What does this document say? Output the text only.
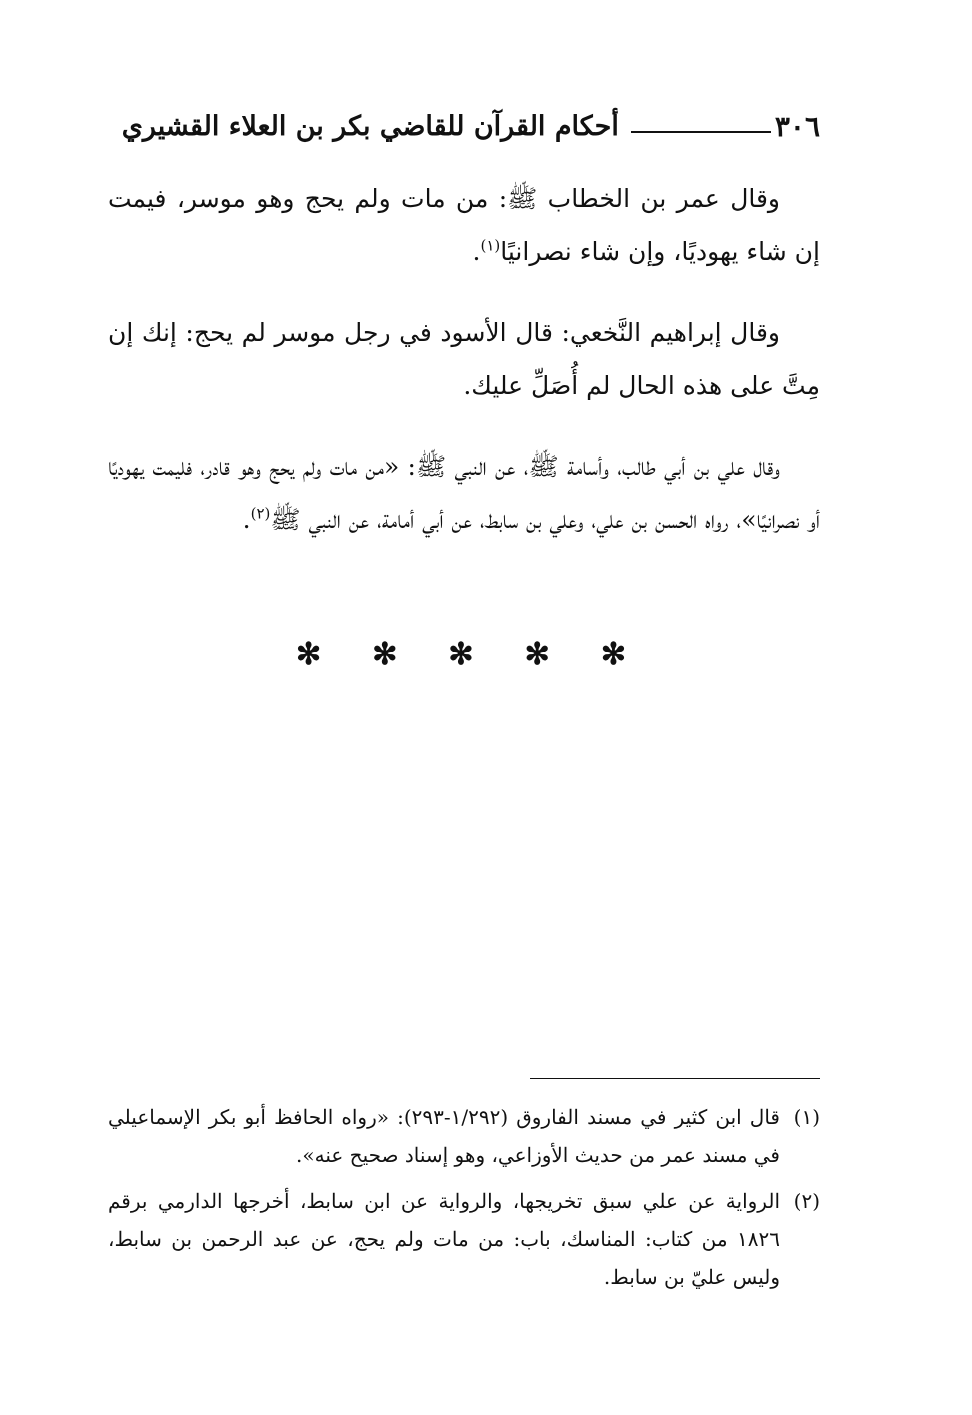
٣٠٦
أحكام القرآن للقاضي بكر بن العلاء القشيري

وقال عمر بن الخطاب ﷺ: من مات ولم يحج وهو موسر، فيمت إن شاء يهوديًا، وإن شاء نصرانيًا$^{(١)}$.

وقال إبراهيم النَّخعي: قال الأسود في رجل موسر لم يحج: إنك إن مِتَّ على هذه الحال لم أُصَلِّ عليك.

وقال علي بن أبي طالب، وأسامة ﷺ، عن النبي ﷺ: «من مات ولم يحج وهو قادر، فليمت يهوديًا أو نصرانيًا»، رواه الحسن بن علي، وعلي بن سابط، عن أبي أمامة، عن النبي ﷺ$^{(٢)}$.

✻ ✻ ✻ ✻ ✻

(١)قال ابن كثير في مسند الفاروق (١/٢٩٢-٢٩٣): «رواه الحافظ أبو بكر الإسماعيلي في مسند عمر من حديث الأوزاعي، وهو إسناد صحيح عنه».

(٢)الرواية عن علي سبق تخريجها، والرواية عن ابن سابط، أخرجها الدارمي برقم ١٨٢٦ من كتاب: المناسك، باب: من مات ولم يحج، عن عبد الرحمن بن سابط، وليس عليّ بن سابط.
